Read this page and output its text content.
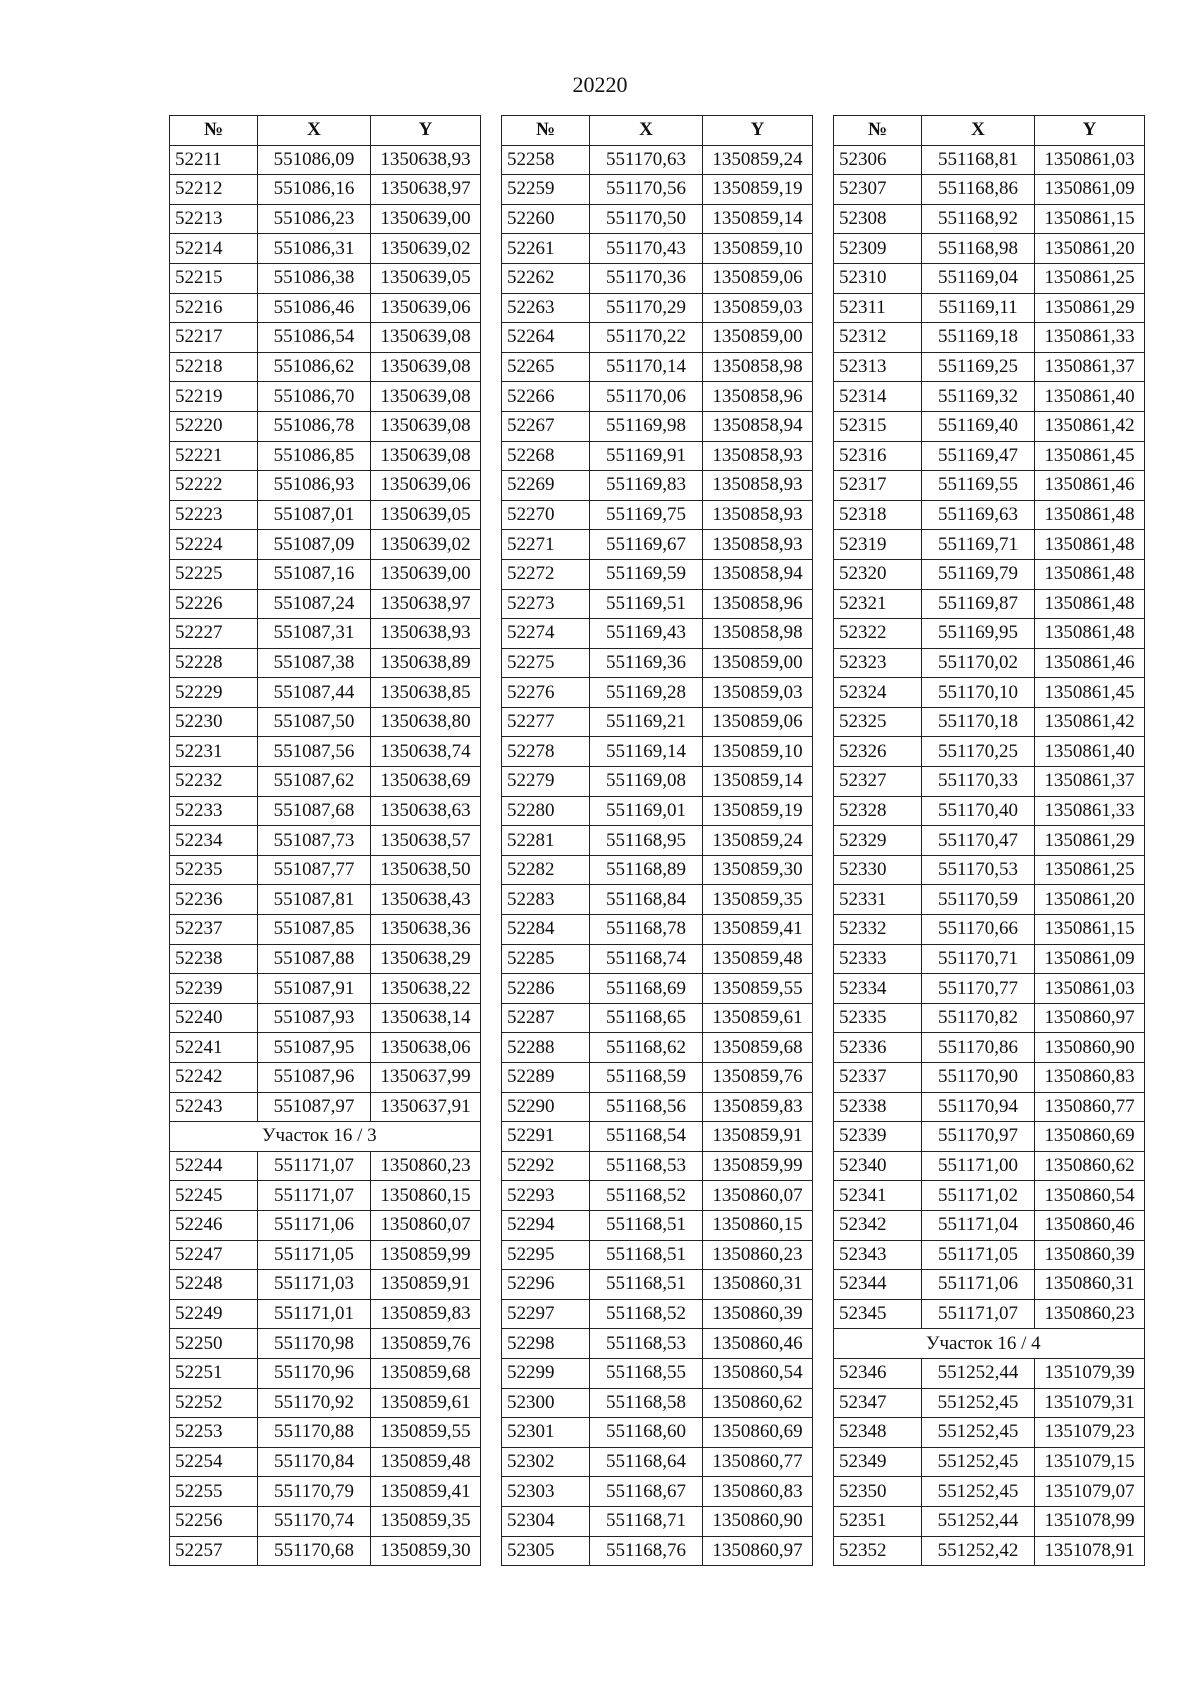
20220
№	X	Y
52211	551086,09	1350638,93
52212	551086,16	1350638,97
52213	551086,23	1350639,00
52214	551086,31	1350639,02
52215	551086,38	1350639,05
52216	551086,46	1350639,06
52217	551086,54	1350639,08
52218	551086,62	1350639,08
52219	551086,70	1350639,08
52220	551086,78	1350639,08
52221	551086,85	1350639,08
52222	551086,93	1350639,06
52223	551087,01	1350639,05
52224	551087,09	1350639,02
52225	551087,16	1350639,00
52226	551087,24	1350638,97
52227	551087,31	1350638,93
52228	551087,38	1350638,89
52229	551087,44	1350638,85
52230	551087,50	1350638,80
52231	551087,56	1350638,74
52232	551087,62	1350638,69
52233	551087,68	1350638,63
52234	551087,73	1350638,57
52235	551087,77	1350638,50
52236	551087,81	1350638,43
52237	551087,85	1350638,36
52238	551087,88	1350638,29
52239	551087,91	1350638,22
52240	551087,93	1350638,14
52241	551087,95	1350638,06
52242	551087,96	1350637,99
52243	551087,97	1350637,91
Участок 16 / 3		
52244	551171,07	1350860,23
52245	551171,07	1350860,15
52246	551171,06	1350860,07
52247	551171,05	1350859,99
52248	551171,03	1350859,91
52249	551171,01	1350859,83
52250	551170,98	1350859,76
52251	551170,96	1350859,68
52252	551170,92	1350859,61
52253	551170,88	1350859,55
52254	551170,84	1350859,48
52255	551170,79	1350859,41
52256	551170,74	1350859,35
52257	551170,68	1350859,30
№	X	Y
52258	551170,63	1350859,24
52259	551170,56	1350859,19
52260	551170,50	1350859,14
52261	551170,43	1350859,10
52262	551170,36	1350859,06
52263	551170,29	1350859,03
52264	551170,22	1350859,00
52265	551170,14	1350858,98
52266	551170,06	1350858,96
52267	551169,98	1350858,94
52268	551169,91	1350858,93
52269	551169,83	1350858,93
52270	551169,75	1350858,93
52271	551169,67	1350858,93
52272	551169,59	1350858,94
52273	551169,51	1350858,96
52274	551169,43	1350858,98
52275	551169,36	1350859,00
52276	551169,28	1350859,03
52277	551169,21	1350859,06
52278	551169,14	1350859,10
52279	551169,08	1350859,14
52280	551169,01	1350859,19
52281	551168,95	1350859,24
52282	551168,89	1350859,30
52283	551168,84	1350859,35
52284	551168,78	1350859,41
52285	551168,74	1350859,48
52286	551168,69	1350859,55
52287	551168,65	1350859,61
52288	551168,62	1350859,68
52289	551168,59	1350859,76
52290	551168,56	1350859,83
52291	551168,54	1350859,91
52292	551168,53	1350859,99
52293	551168,52	1350860,07
52294	551168,51	1350860,15
52295	551168,51	1350860,23
52296	551168,51	1350860,31
52297	551168,52	1350860,39
52298	551168,53	1350860,46
52299	551168,55	1350860,54
52300	551168,58	1350860,62
52301	551168,60	1350860,69
52302	551168,64	1350860,77
52303	551168,67	1350860,83
52304	551168,71	1350860,90
52305	551168,76	1350860,97
№	X	Y
52306	551168,81	1350861,03
52307	551168,86	1350861,09
52308	551168,92	1350861,15
52309	551168,98	1350861,20
52310	551169,04	1350861,25
52311	551169,11	1350861,29
52312	551169,18	1350861,33
52313	551169,25	1350861,37
52314	551169,32	1350861,40
52315	551169,40	1350861,42
52316	551169,47	1350861,45
52317	551169,55	1350861,46
52318	551169,63	1350861,48
52319	551169,71	1350861,48
52320	551169,79	1350861,48
52321	551169,87	1350861,48
52322	551169,95	1350861,48
52323	551170,02	1350861,46
52324	551170,10	1350861,45
52325	551170,18	1350861,42
52326	551170,25	1350861,40
52327	551170,33	1350861,37
52328	551170,40	1350861,33
52329	551170,47	1350861,29
52330	551170,53	1350861,25
52331	551170,59	1350861,20
52332	551170,66	1350861,15
52333	551170,71	1350861,09
52334	551170,77	1350861,03
52335	551170,82	1350860,97
52336	551170,86	1350860,90
52337	551170,90	1350860,83
52338	551170,94	1350860,77
52339	551170,97	1350860,69
52340	551171,00	1350860,62
52341	551171,02	1350860,54
52342	551171,04	1350860,46
52343	551171,05	1350860,39
52344	551171,06	1350860,31
52345	551171,07	1350860,23
Участок 16 / 4		
52346	551252,44	1351079,39
52347	551252,45	1351079,31
52348	551252,45	1351079,23
52349	551252,45	1351079,15
52350	551252,45	1351079,07
52351	551252,44	1351078,99
52352	551252,42	1351078,91
